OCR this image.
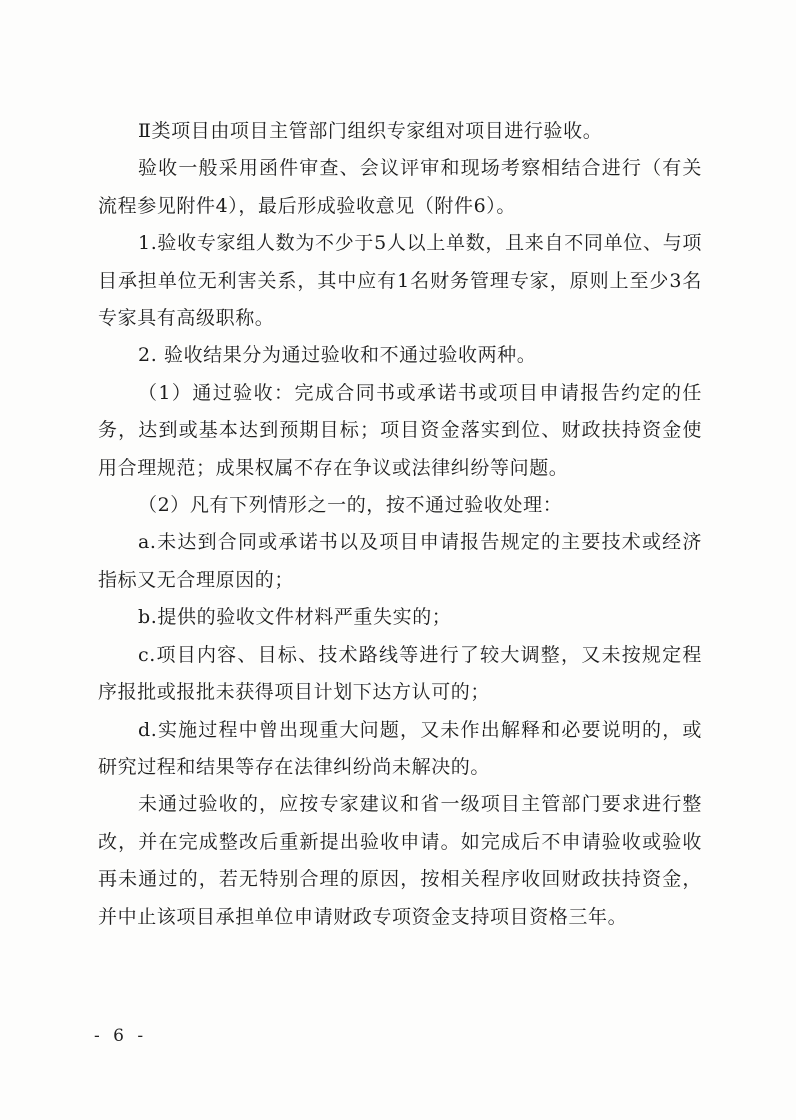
Ⅱ类项目由项目主管部门组织专家组对项目进行验收。

验收一般采用函件审查、会议评审和现场考察相结合进行（有关流程参见附件4），最后形成验收意见（附件6）。

1.验收专家组人数为不少于5人以上单数，且来自不同单位、与项目承担单位无利害关系，其中应有1名财务管理专家，原则上至少3名专家具有高级职称。

2. 验收结果分为通过验收和不通过验收两种。

（1）通过验收：完成合同书或承诺书或项目申请报告约定的任务，达到或基本达到预期目标；项目资金落实到位、财政扶持资金使用合理规范；成果权属不存在争议或法律纠纷等问题。

（2）凡有下列情形之一的，按不通过验收处理：

a.未达到合同或承诺书以及项目申请报告规定的主要技术或经济指标又无合理原因的；

b.提供的验收文件材料严重失实的；

c.项目内容、目标、技术路线等进行了较大调整，又未按规定程序报批或报批未获得项目计划下达方认可的；

d.实施过程中曾出现重大问题，又未作出解释和必要说明的，或研究过程和结果等存在法律纠纷尚未解决的。

未通过验收的，应按专家建议和省一级项目主管部门要求进行整改，并在完成整改后重新提出验收申请。如完成后不申请验收或验收再未通过的，若无特别合理的原因，按相关程序收回财政扶持资金，并中止该项目承担单位申请财政专项资金支持项目资格三年。

- 6 -
